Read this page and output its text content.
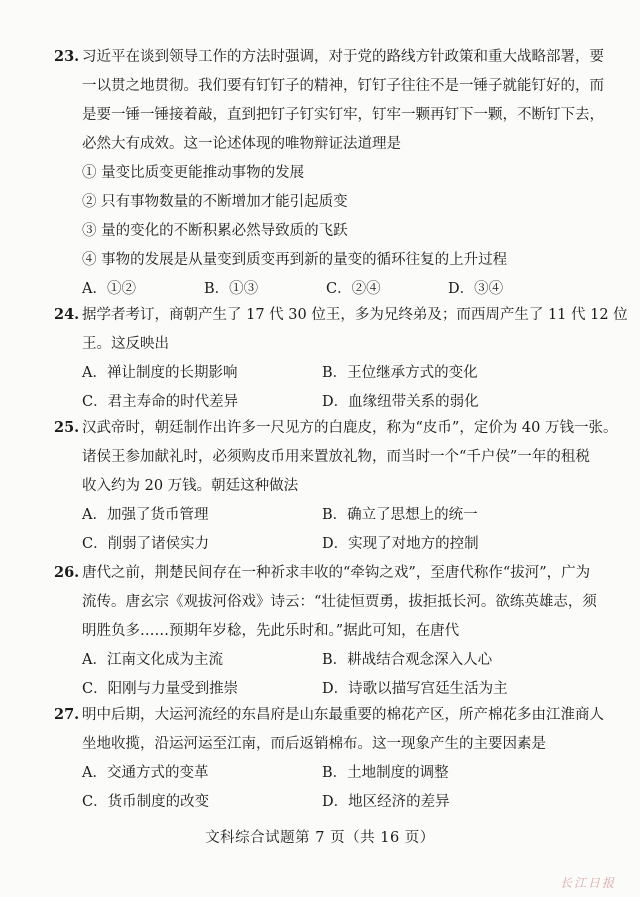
23. 习近平在谈到领导工作的方法时强调，对于党的路线方针政策和重大战略部署，要
一以贯之地贯彻。我们要有钉钉子的精神，钉钉子往往不是一锤子就能钉好的，而
是要一锤一锤接着敲，直到把钉子钉实钉牢，钉牢一颗再钉下一颗，不断钉下去，
必然大有成效。这一论述体现的唯物辩证法道理是
① 量变比质变更能推动事物的发展
② 只有事物数量的不断增加才能引起质变
③ 量的变化的不断积累必然导致质的飞跃
④ 事物的发展是从量变到质变再到新的量变的循环往复的上升过程
A．①②	B．①③	C．②④	D．③④
24. 据学者考订，商朝产生了 17 代 30 位王，多为兄终弟及；而西周产生了 11 代 12 位
王。这反映出
A．禅让制度的长期影响	B．王位继承方式的变化
C．君主寿命的时代差异	D．血缘纽带关系的弱化
25. 汉武帝时，朝廷制作出许多一尺见方的白鹿皮，称为“皮币”，定价为 40 万钱一张。
诸侯王参加献礼时，必须购皮币用来置放礼物，而当时一个“千户侯”一年的租税
收入约为 20 万钱。朝廷这种做法
A．加强了货币管理	B．确立了思想上的统一
C．削弱了诸侯实力	D．实现了对地方的控制
26. 唐代之前，荆楚民间存在一种祈求丰收的“牵钩之戏”，至唐代称作“拔河”，广为
流传。唐玄宗《观拔河俗戏》诗云：“壮徒恒贾勇，拔拒抵长河。欲练英雄志，须
明胜负多……预期年岁稔，先此乐时和。”据此可知，在唐代
A．江南文化成为主流	B．耕战结合观念深入人心
C．阳刚与力量受到推崇	D．诗歌以描写宫廷生活为主
27. 明中后期，大运河流经的东昌府是山东最重要的棉花产区，所产棉花多由江淮商人
坐地收揽，沿运河运至江南，而后返销棉布。这一现象产生的主要因素是
A．交通方式的变革	B．土地制度的调整
C．货币制度的改变	D．地区经济的差异
文科综合试题第 7 页（共 16 页）
长江日报
